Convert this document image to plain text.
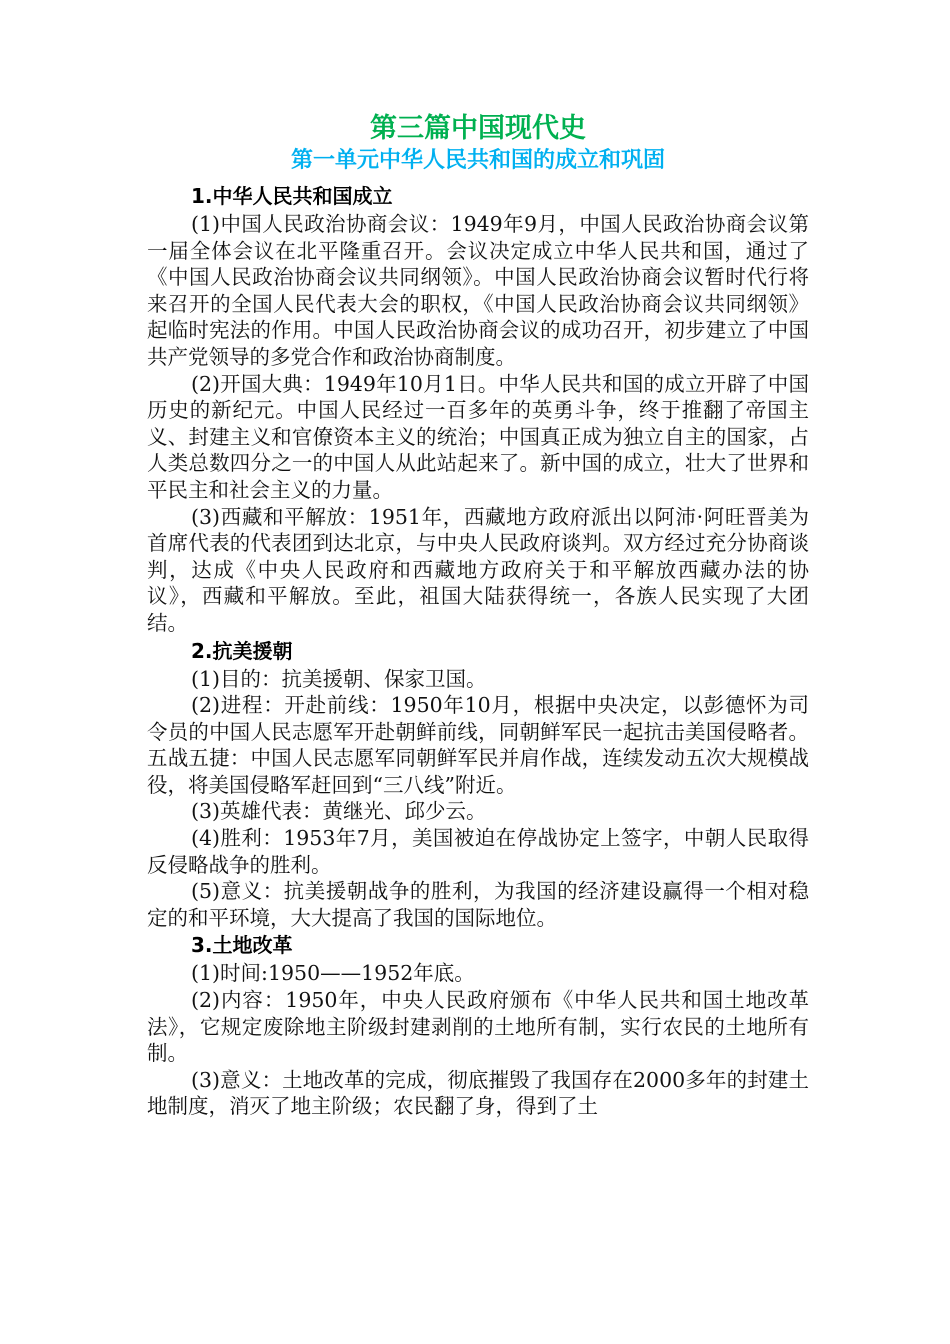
第三篇中国现代史
第一单元中华人民共和国的成立和巩固
1.中华人民共和国成立

(1)中国人民政治协商会议：1949年9月，中国人民政治协商会议第一届全体会议在北平隆重召开。会议决定成立中华人民共和国，通过了《中国人民政治协商会议共同纲领》。中国人民政治协商会议暂时代行将来召开的全国人民代表大会的职权，《中国人民政治协商会议共同纲领》起临时宪法的作用。中国人民政治协商会议的成功召开，初步建立了中国共产党领导的多党合作和政治协商制度。

(2)开国大典：1949年10月1日。中华人民共和国的成立开辟了中国历史的新纪元。中国人民经过一百多年的英勇斗争，终于推翻了帝国主义、封建主义和官僚资本主义的统治；中国真正成为独立自主的国家，占人类总数四分之一的中国人从此站起来了。新中国的成立，壮大了世界和平民主和社会主义的力量。

(3)西藏和平解放：1951年，西藏地方政府派出以阿沛·阿旺晋美为首席代表的代表团到达北京，与中央人民政府谈判。双方经过充分协商谈判，达成《中央人民政府和西藏地方政府关于和平解放西藏办法的协议》，西藏和平解放。至此，祖国大陆获得统一，各族人民实现了大团结。

2.抗美援朝

(1)目的：抗美援朝、保家卫国。

(2)进程：开赴前线：1950年10月，根据中央决定，以彭德怀为司令员的中国人民志愿军开赴朝鲜前线，同朝鲜军民一起抗击美国侵略者。五战五捷：中国人民志愿军同朝鲜军民并肩作战，连续发动五次大规模战役，将美国侵略军赶回到“三八线”附近。

(3)英雄代表：黄继光、邱少云。

(4)胜利：1953年7月，美国被迫在停战协定上签字，中朝人民取得反侵略战争的胜利。

(5)意义：抗美援朝战争的胜利，为我国的经济建设赢得一个相对稳定的和平环境，大大提高了我国的国际地位。

3.土地改革

(1)时间:1950——1952年底。

(2)内容：1950年，中央人民政府颁布《中华人民共和国土地改革法》，它规定废除地主阶级封建剥削的土地所有制，实行农民的土地所有制。

(3)意义：土地改革的完成，彻底摧毁了我国存在2000多年的封建土地制度，消灭了地主阶级；农民翻了身，得到了土
